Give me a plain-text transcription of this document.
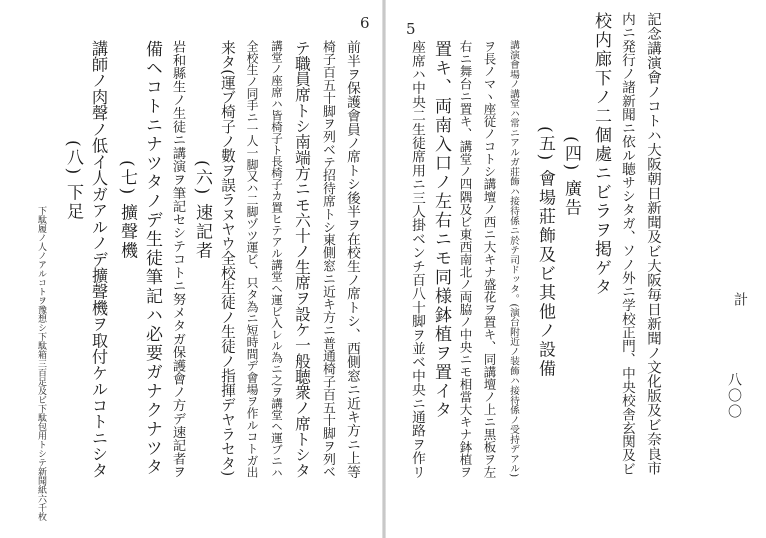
6
前半ヲ保護會員ノ席トシ後半ヲ在校生ノ席トシ、西側窓ニ近キ方ニ上等
椅子百五十脚ヲ列ベテ招待席トシ東側窓ニ近キ方ニ普通椅子百五十脚ヲ列ベ
テ職員席トシ南端方ニモ六十ノ生席ヲ設ケ一般聴衆ノ席トシタ
講堂ノ座席ハ皆椅子ト長椅子カ置ヒテアル講堂ヘ運ビ入レル為ニ之ヲ講堂ヘ運ブニハ
全校生ノ同手ニ一人一脚又ハ二脚ヅツ運ビ、只タ為ニ短時間デ會場ヲ作ルコトガ出
来タ(運ブ椅子ノ數ヲ誤ラヌヤウ全校生徒ノ生徒ノ指揮デヤラセタ)
(六) 速記者
岩和縣生ノ生徒ニ講演ヲ筆記セシテコトニ努メタガ保護會ノ方デ速記者ヲ
備ヘコトニナツタノデ生徒筆記ハ必要ガナクナツタ
(七) 擴聲機
講師ノ肉聲ノ低イ人ガアルノデ擴聲機ヲ取付ケルコトニシタ
(八) 下足
下駄履ノ人ノアルコトヲ豫想シ下駄箱三百足及ビ下駄包用トシテ新聞紙六千枚
5	記念講演會ノコトハ大阪朝日新聞及ビ大阪毎日新聞ノ文化版及ビ奈良市
内ニ発行ノ諸新聞ニ依ル聴サシタガ、ソノ外ニ学校正門、中央校舎玄関及ビ
校内廊下ノ二個處ニビラヲ掲ゲタ
(四) 廣告
(五) 會場莊飾及ビ其他ノ設備
講演會場ノ講堂ハ常ニアルガ莊飾ハ接待係ニ於テ司ドッタ。(演台附近ノ装飾ハ接待係ノ受持デアル)
ヲ長ノマヽ座従ノコトシ講壇ノ西ニ大キナ盛花ヲ置キ、同講壇ノ上ニ黒板ヲ左
右ニ舞台ニ置キ、講堂ノ四隅及ビ東西南北ノ両脇ノ中央ニモ相當大キナ鉢植ヲ
置キ、両南入口ノ左右ニモ同様鉢植ヲ置イタ
座席ハ中央二生徒席用ニ三人掛ベンチ百八十脚ヲ並ベ中央ニ通路ヲ作リ	計
八〇〇
